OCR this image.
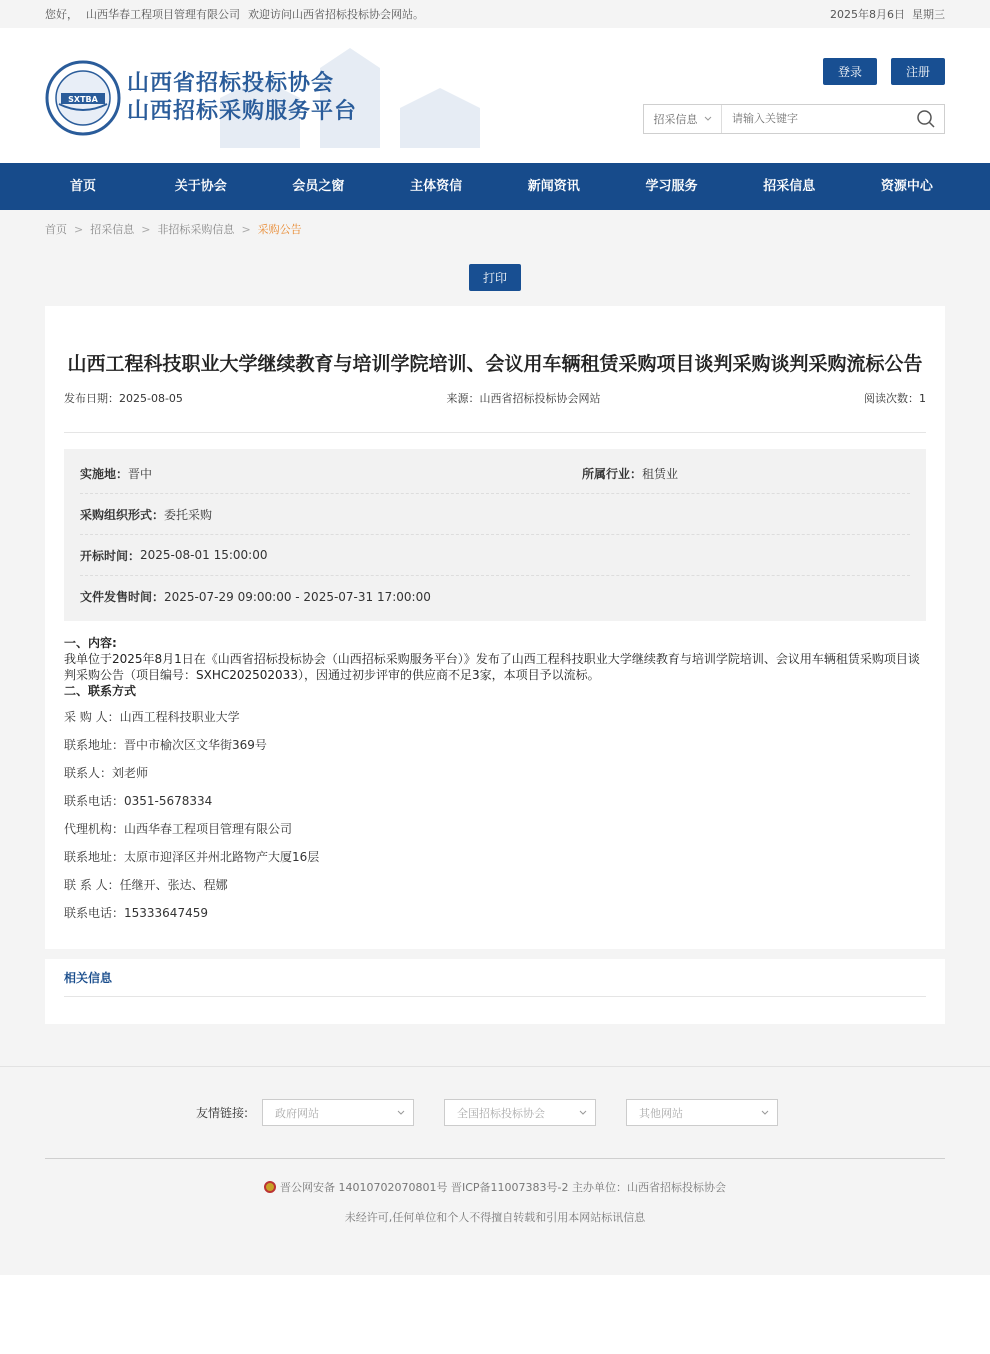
您好， 山西华春工程项目管理有限公司 欢迎访问山西省招标投标协会网站。	2025年8月6日 星期三
SXTBA
山西省招标投标协会
山西招标采购服务平台
登录	注册
招采信息
请输入关键字
首页	关于协会	会员之窗	主体资信	新闻资讯	学习服务	招采信息	资源中心
首页 > 招采信息 > 非招标采购信息 > 采购公告
打印
山西工程科技职业大学继续教育与培训学院培训、会议用车辆租赁采购项目谈判采购谈判采购流标公告
发布日期：2025-08-05	来源：山西省招标投标协会网站	阅读次数：1
实施地：晋中	所属行业：租赁业
采购组织形式： 委托采购
开标时间： 2025-08-01 15:00:00
文件发售时间： 2025-07-29 09:00:00 - 2025-07-31 17:00:00
一、内容:
我单位于2025年8月1日在《山西省招标投标协会（山西招标采购服务平台）》发布了山西工程科技职业大学继续教育与培训学院培训、会议用车辆租赁采购项目谈判采购公告（项目编号：SXHC202502033），因通过初步评审的供应商不足3家，本项目予以流标。
二、联系方式

采 购 人：山西工程科技职业大学

联系地址：晋中市榆次区文华街369号

联系人：刘老师

联系电话：0351-5678334

代理机构：山西华春工程项目管理有限公司

联系地址：太原市迎泽区并州北路物产大厦16层

联 系 人：任继开、张达、程娜

联系电话：15333647459

相关信息
友情链接: 政府网站	全国招标投标协会	其他网站
晋公网安备 14010702070801号 晋ICP备11007383号-2 主办单位：山西省招标投标协会
未经许可,任何单位和个人不得擅自转载和引用本网站标讯信息
